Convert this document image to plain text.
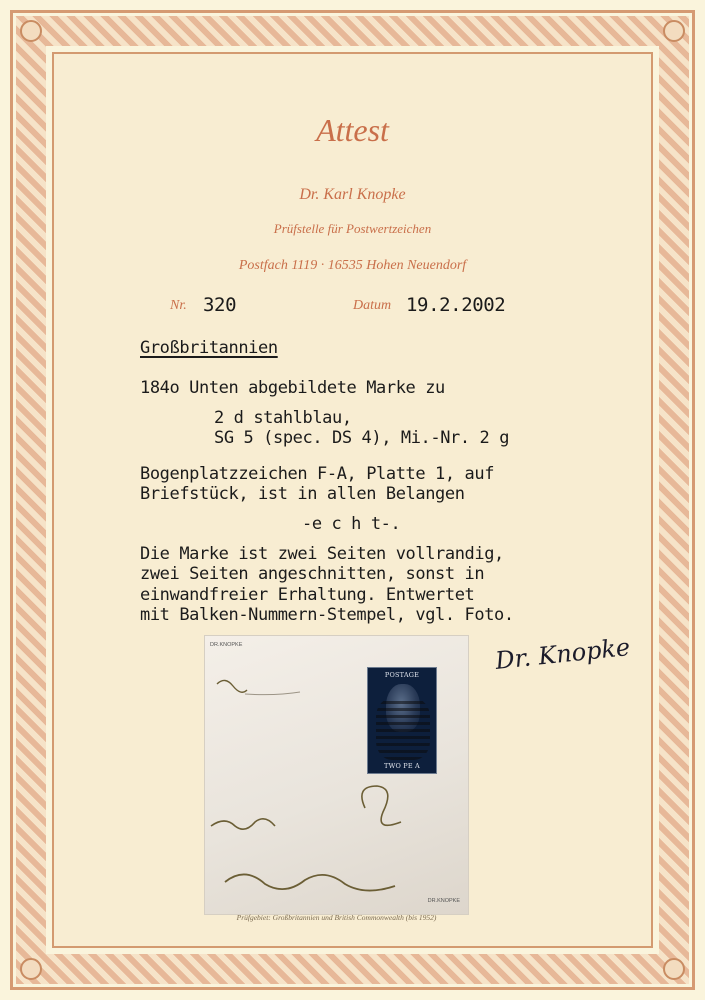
Attest
Dr. Karl Knopke
Prüfstelle für Postwertzeichen
Postfach 1119 · 16535 Hohen Neuendorf
Nr. 320	Datum 19.2.2002
Großbritannien
184o Unten abgebildete Marke zu
2 d stahlblau,
SG 5 (spec. DS 4), Mi.-Nr. 2 g
Bogenplatzzeichen F-A, Platte 1, auf
Briefstück, ist in allen Belangen
-e c h t-.
Die Marke ist zwei Seiten vollrandig,
zwei Seiten angeschnitten, sonst in
einwandfreier Erhaltung. Entwertet
mit Balken-Nummern-Stempel, vgl. Foto.
DR.KNOPKE
DR.KNOPKE
POSTAGE
TWO PE A
Prüfgebiet: Großbritannien und British Commonwealth (bis 1952)
Dr. Knopke
